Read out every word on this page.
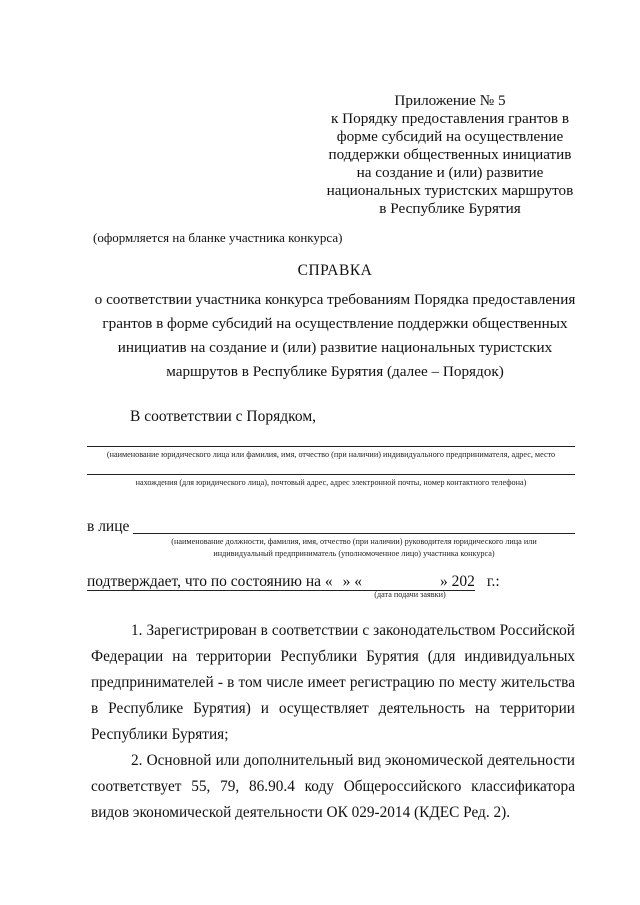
Приложение № 5
к Порядку предоставления грантов в
форме субсидий на осуществление
поддержки общественных инициатив
на создание и (или) развитие
национальных туристских маршрутов
в Республике Бурятия
(оформляется на бланке участника конкурса)
СПРАВКА
о соответствии участника конкурса требованиям Порядка предоставления
грантов в форме субсидий на осуществление поддержки общественных
инициатив на создание и (или) развитие национальных туристских
маршрутов в Республике Бурятия (далее – Порядок)
В соответствии с Порядком,
(наименование юридического лица или фамилия, имя, отчество (при наличии) индивидуального предпринимателя, адрес, место
нахождения (для юридического лица), почтовый адрес, адрес электронной почты, номер контактного телефона)
в лице
(наименование должности, фамилия, имя, отчество (при наличии) руководителя юридического лица или
индивидуальный предприниматель (уполномоченное лицо) участника конкурса)
подтверждает, что по состоянию на « » «	» 202 г.:
(дата подачи заявки)
1. Зарегистрирован в соответствии с законодательством Российской
Федерации на территории Республики Бурятия (для индивидуальных
предпринимателей - в том числе имеет регистрацию по месту жительства
в Республике Бурятия) и осуществляет деятельность на территории
Республики Бурятия;
2. Основной или дополнительный вид экономической деятельности
соответствует 55, 79, 86.90.4 коду Общероссийского классификатора
видов экономической деятельности ОК 029-2014 (КДЕС Ред. 2).
